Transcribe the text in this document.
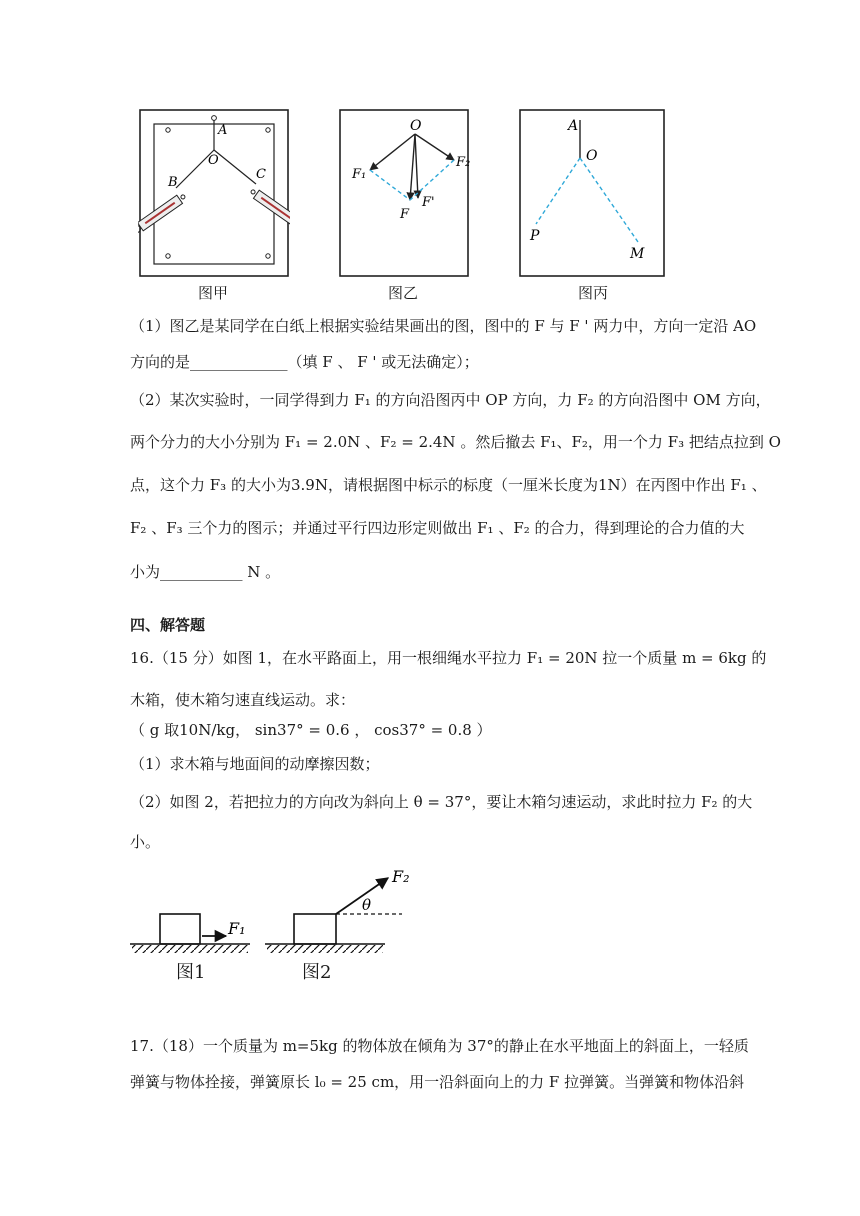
A
O
B
C
图甲
O
F₁
F₂
F
F'
图乙
A
O
P
M
图丙
（1）图乙是某同学在白纸上根据实验结果画出的图，图中的 F 与 F ' 两力中，方向一定沿 AO
方向的是_____________（填 F 、 F ' 或无法确定）；
（2）某次实验时，一同学得到力 F₁ 的方向沿图丙中 OP 方向，力 F₂ 的方向沿图中 OM 方向，
两个分力的大小分别为 F₁ = 2.0N 、F₂ = 2.4N 。然后撤去 F₁、F₂，用一个力 F₃ 把结点拉到 O
点，这个力 F₃ 的大小为3.9N，请根据图中标示的标度（一厘米长度为1N）在丙图中作出 F₁ 、
F₂ 、F₃ 三个力的图示；并通过平行四边形定则做出 F₁ 、F₂ 的合力，得到理论的合力值的大
小为___________ N 。
四、解答题
16.（15 分）如图 1，在水平路面上，用一根细绳水平拉力 F₁ = 20N 拉一个质量 m = 6kg 的
木箱，使木箱匀速直线运动。求：
（ g 取10N/kg， sin37° = 0.6 ， cos37° = 0.8 ）
（1）求木箱与地面间的动摩擦因数；
（2）如图 2，若把拉力的方向改为斜向上 θ = 37°，要让木箱匀速运动，求此时拉力 F₂ 的大
小。
F₁
F₂
θ
图1	图2
17.（18）一个质量为 m=5kg 的物体放在倾角为 37°的静止在水平地面上的斜面上，一轻质
弹簧与物体拴接，弹簧原长 l₀ = 25 cm，用一沿斜面向上的力 F 拉弹簧。当弹簧和物体沿斜
